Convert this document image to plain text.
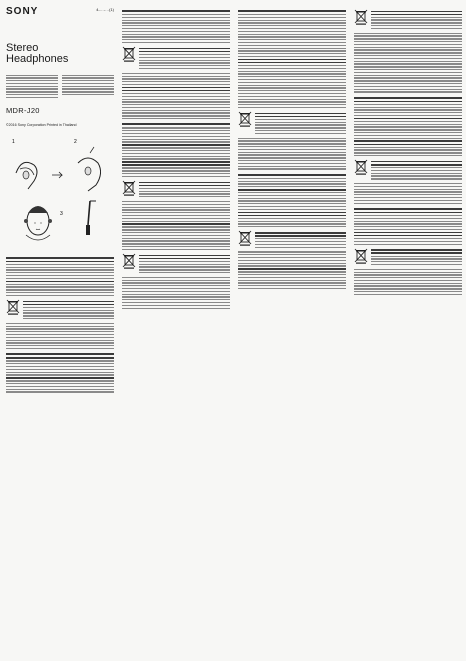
SONY	4-…-…(1)
Stereo
Headphones
MDR-J20
©2016 Sony Corporation Printed in Thailand
1	2
3
